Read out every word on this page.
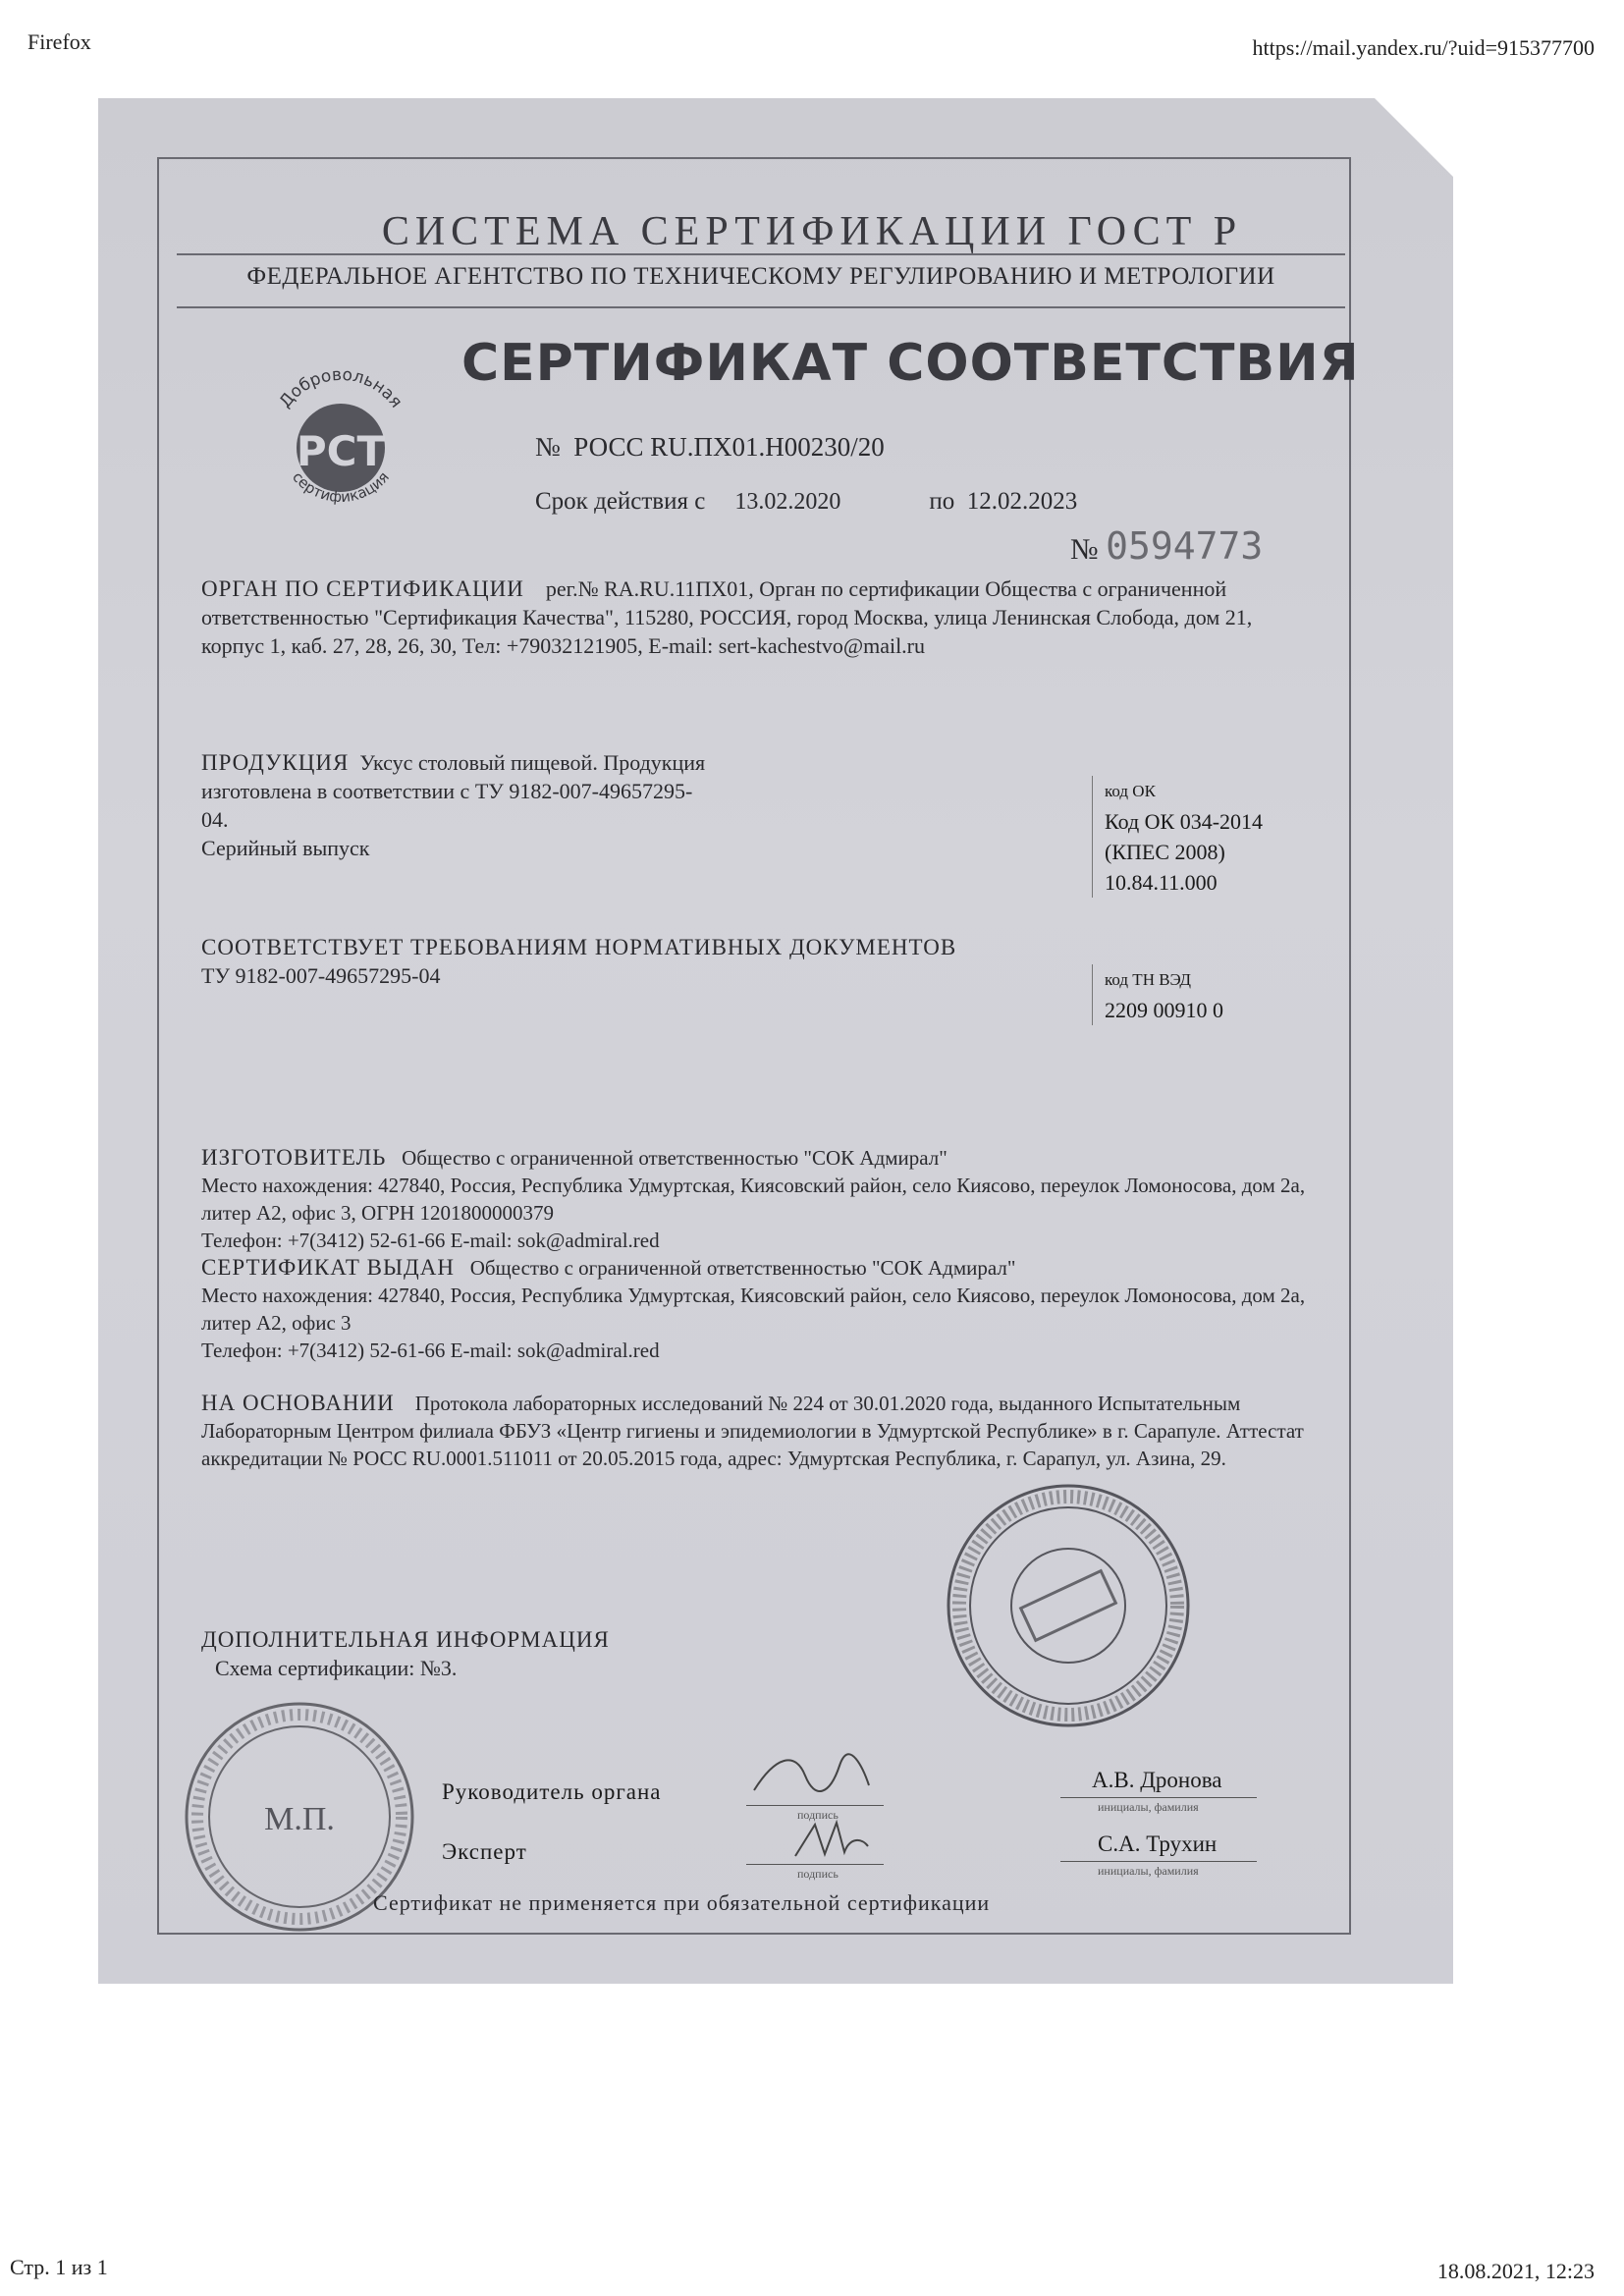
Firefox	https://mail.yandex.ru/?uid=915377700
Стр. 1 из 1	18.08.2021, 12:23
СИСТЕМА СЕРТИФИКАЦИИ ГОСТ Р
ФЕДЕРАЛЬНОЕ АГЕНТСТВО ПО ТЕХНИЧЕСКОМУ РЕГУЛИРОВАНИЮ И МЕТРОЛОГИИ
Добровольная
РСТ
сертификация
СЕРТИФИКАТ СООТВЕТСТВИЯ
№ РОСС RU.ПХ01.Н00230/20
Срок действия с 13.02.2020	по 12.02.2023
№ 0594773
ОРГАН ПО СЕРТИФИКАЦИИ рег.№ RA.RU.11ПХ01, Орган по сертификации Общества с ограниченной ответственностью "Сертификация Качества", 115280, РОССИЯ, город Москва, улица Ленинская Слобода, дом 21, корпус 1, каб. 27, 28, 26, 30, Тел: +79032121905, E-mail: sert-kachestvo@mail.ru
ПРОДУКЦИЯ Уксус столовый пищевой. Продукция изготовлена в соответствии с ТУ 9182-007-49657295-04.
Серийный выпуск
код ОК
Код ОК 034-2014
(КПЕС 2008)
10.84.11.000
СООТВЕТСТВУЕТ ТРЕБОВАНИЯМ НОРМАТИВНЫХ ДОКУМЕНТОВ
ТУ 9182-007-49657295-04	код ТН ВЭД
2209 00910 0
ИЗГОТОВИТЕЛЬ Общество с ограниченной ответственностью "СОК Адмирал"
Место нахождения: 427840, Россия, Республика Удмуртская, Киясовский район, село Киясово, переулок Ломоносова, дом 2а, литер А2, офис 3, ОГРН 1201800000379
Телефон: +7(3412) 52-61-66 E-mail: sok@admiral.red
СЕРТИФИКАТ ВЫДАН Общество с ограниченной ответственностью "СОК Адмирал"
Место нахождения: 427840, Россия, Республика Удмуртская, Киясовский район, село Киясово, переулок Ломоносова, дом 2а, литер А2, офис 3
Телефон: +7(3412) 52-61-66 E-mail: sok@admiral.red
НА ОСНОВАНИИ Протокола лабораторных исследований № 224 от 30.01.2020 года, выданного Испытательным Лабораторным Центром филиала ФБУЗ «Центр гигиены и эпидемиологии в Удмуртской Республике» в г. Сарапуле. Аттестат аккредитации № РОСС RU.0001.511011 от 20.05.2015 года, адрес: Удмуртская Республика, г. Сарапул, ул. Азина, 29.
ДОПОЛНИТЕЛЬНАЯ ИНФОРМАЦИЯ
Схема сертификации: №3.
М.П.
Руководитель органа
подпись
А.В. Дронова
инициалы, фамилия
Эксперт
подпись
С.А. Трухин
инициалы, фамилия
Сертификат не применяется при обязательной сертификации
